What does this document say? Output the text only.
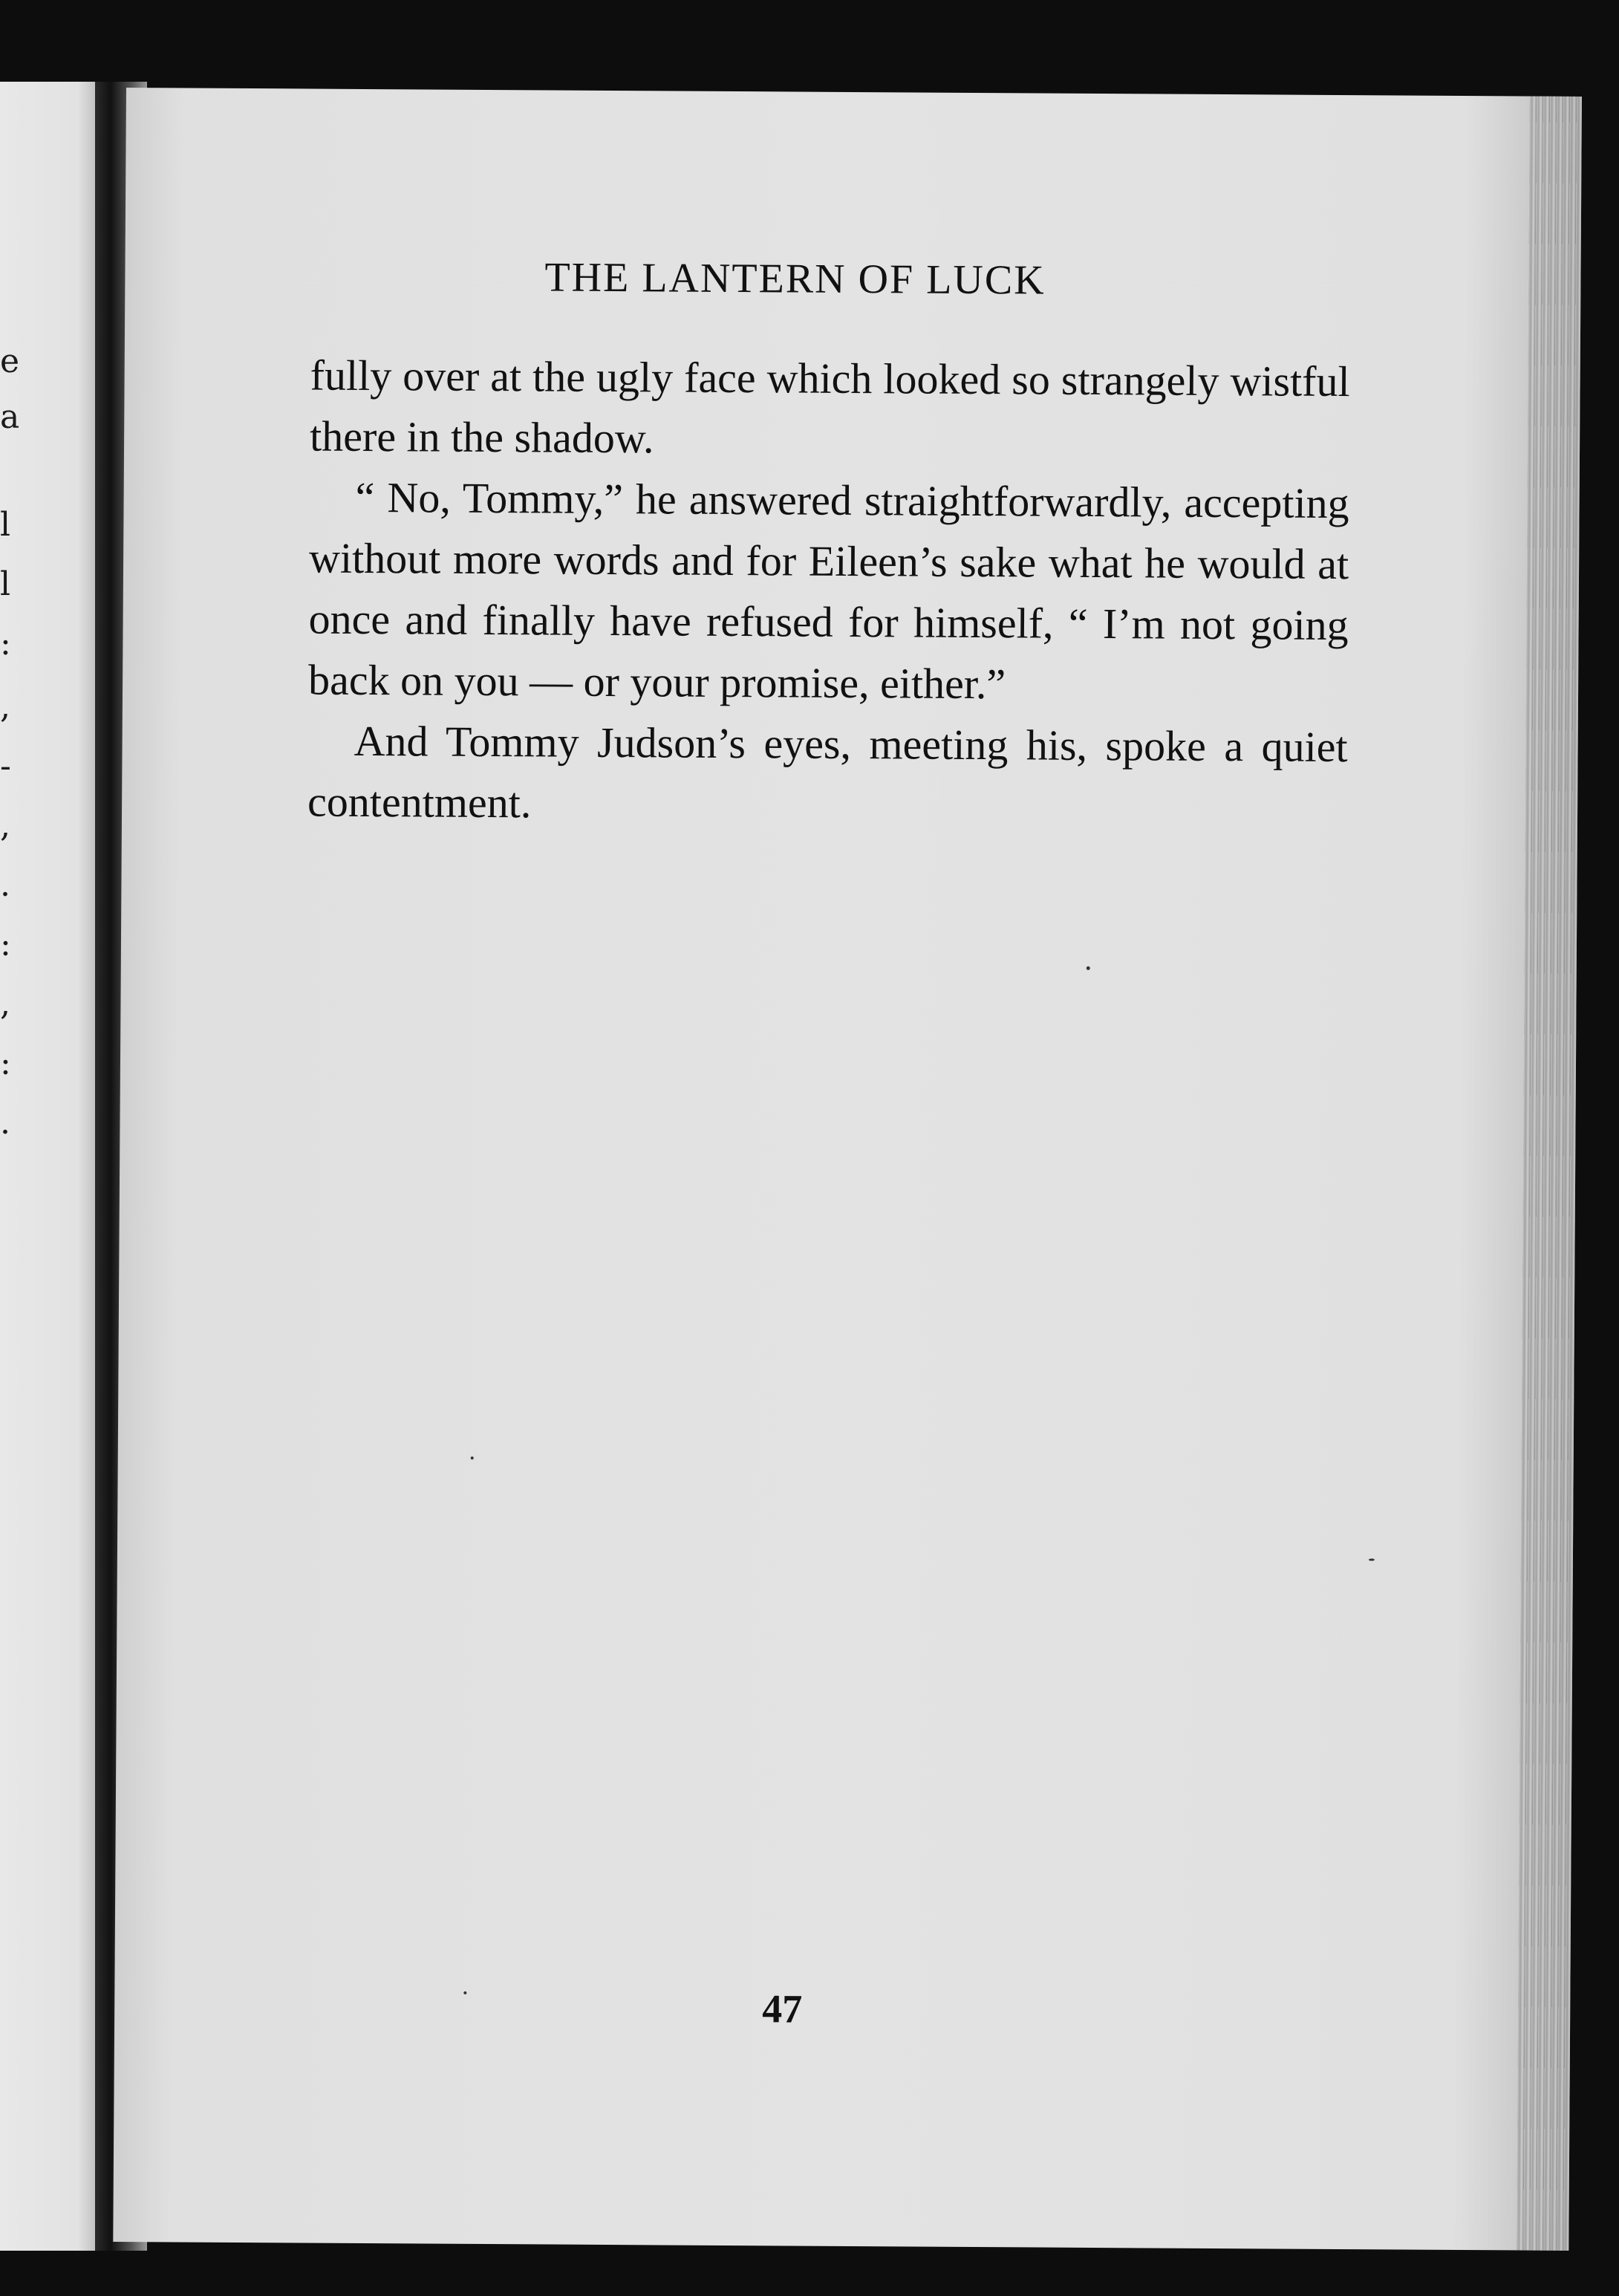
e
a
l
l
:
,
-
,
.
:
,
:
.
THE LANTERN OF LUCK

fully over at the ugly face which looked so strangely wistful there in the shadow.

“ No, Tommy,” he answered straightforwardly, accepting without more words and for Eileen’s sake what he would at once and finally have refused for himself, “ I’m not going back on you — or your promise, either.”

And Tommy Judson’s eyes, meeting his, spoke a quiet contentment.

47
